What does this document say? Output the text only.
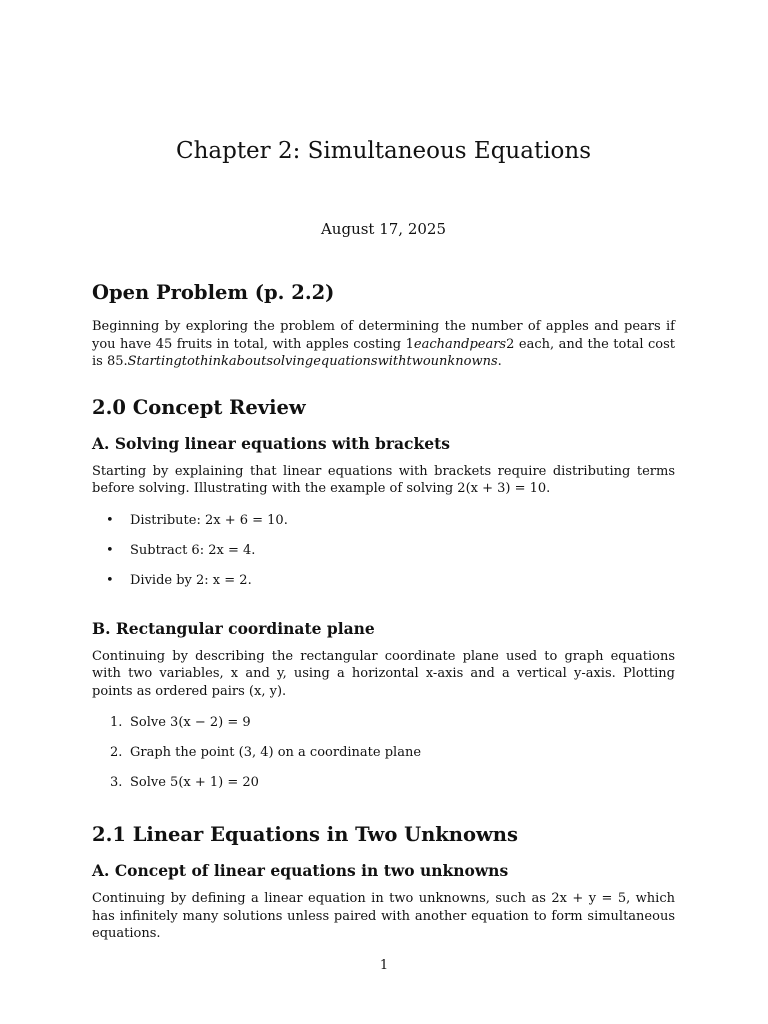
Chapter 2: Simultaneous Equations
August 17, 2025
Open Problem (p. 2.2)

Beginning by exploring the problem of determining the number of apples and pears if you have 45 fruits in total, with apples costing 1eachandpears2 each, and the total cost is 85.Startingtothinkaboutsolvingequationswithtwounknowns.

2.0 Concept Review
A. Solving linear equations with brackets

Starting by explaining that linear equations with brackets require distributing terms before solving. Illustrating with the example of solving 2(x + 3) = 10.

• Distribute: 2x + 6 = 10.
• Subtract 6: 2x = 4.
• Divide by 2: x = 2.
B. Rectangular coordinate plane

Continuing by describing the rectangular coordinate plane used to graph equations with two variables, x and y, using a horizontal x-axis and a vertical y-axis. Plotting points as ordered pairs (x, y).

1. Solve 3(x − 2) = 9
2. Graph the point (3, 4) on a coordinate plane
3. Solve 5(x + 1) = 20
2.1 Linear Equations in Two Unknowns
A. Concept of linear equations in two unknowns

Continuing by defining a linear equation in two unknowns, such as 2x + y = 5, which has infinitely many solutions unless paired with another equation to form simultaneous equations.

1
